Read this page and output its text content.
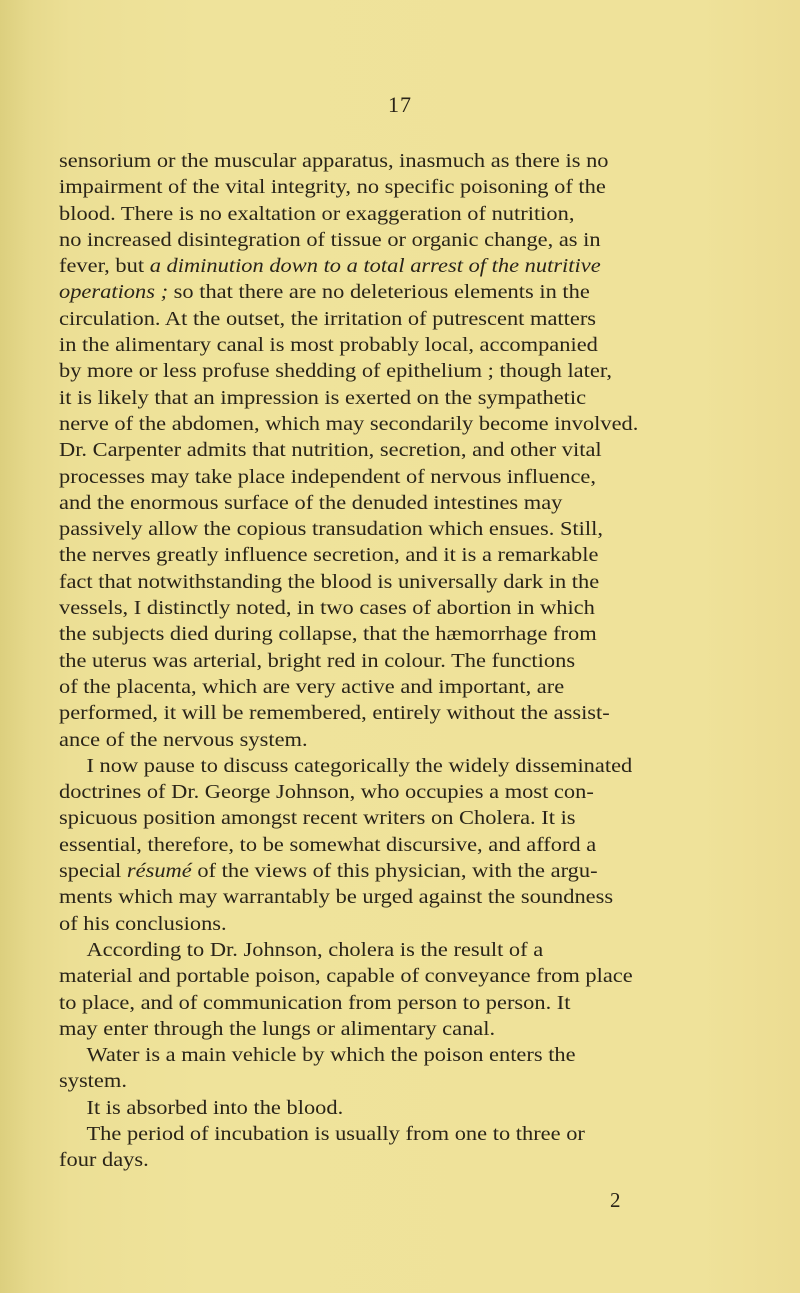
17
sensorium or the muscular apparatus, inasmuch as there is no
impairment of the vital integrity, no specific poisoning of the
blood. There is no exaltation or exaggeration of nutrition,
no increased disintegration of tissue or organic change, as in
fever, but a diminution down to a total arrest of the nutritive
operations ; so that there are no deleterious elements in the
circulation. At the outset, the irritation of putrescent matters
in the alimentary canal is most probably local, accompanied
by more or less profuse shedding of epithelium ; though later,
it is likely that an impression is exerted on the sympathetic
nerve of the abdomen, which may secondarily become involved.
Dr. Carpenter admits that nutrition, secretion, and other vital
processes may take place independent of nervous influence,
and the enormous surface of the denuded intestines may
passively allow the copious transudation which ensues. Still,
the nerves greatly influence secretion, and it is a remarkable
fact that notwithstanding the blood is universally dark in the
vessels, I distinctly noted, in two cases of abortion in which
the subjects died during collapse, that the hæmorrhage from
the uterus was arterial, bright red in colour. The functions
of the placenta, which are very active and important, are
performed, it will be remembered, entirely without the assist-
ance of the nervous system.
I now pause to discuss categorically the widely disseminated
doctrines of Dr. George Johnson, who occupies a most con-
spicuous position amongst recent writers on Cholera. It is
essential, therefore, to be somewhat discursive, and afford a
special résumé of the views of this physician, with the argu-
ments which may warrantably be urged against the soundness
of his conclusions.
According to Dr. Johnson, cholera is the result of a
material and portable poison, capable of conveyance from place
to place, and of communication from person to person. It
may enter through the lungs or alimentary canal.
Water is a main vehicle by which the poison enters the
system.
It is absorbed into the blood.
The period of incubation is usually from one to three or
four days.
2
